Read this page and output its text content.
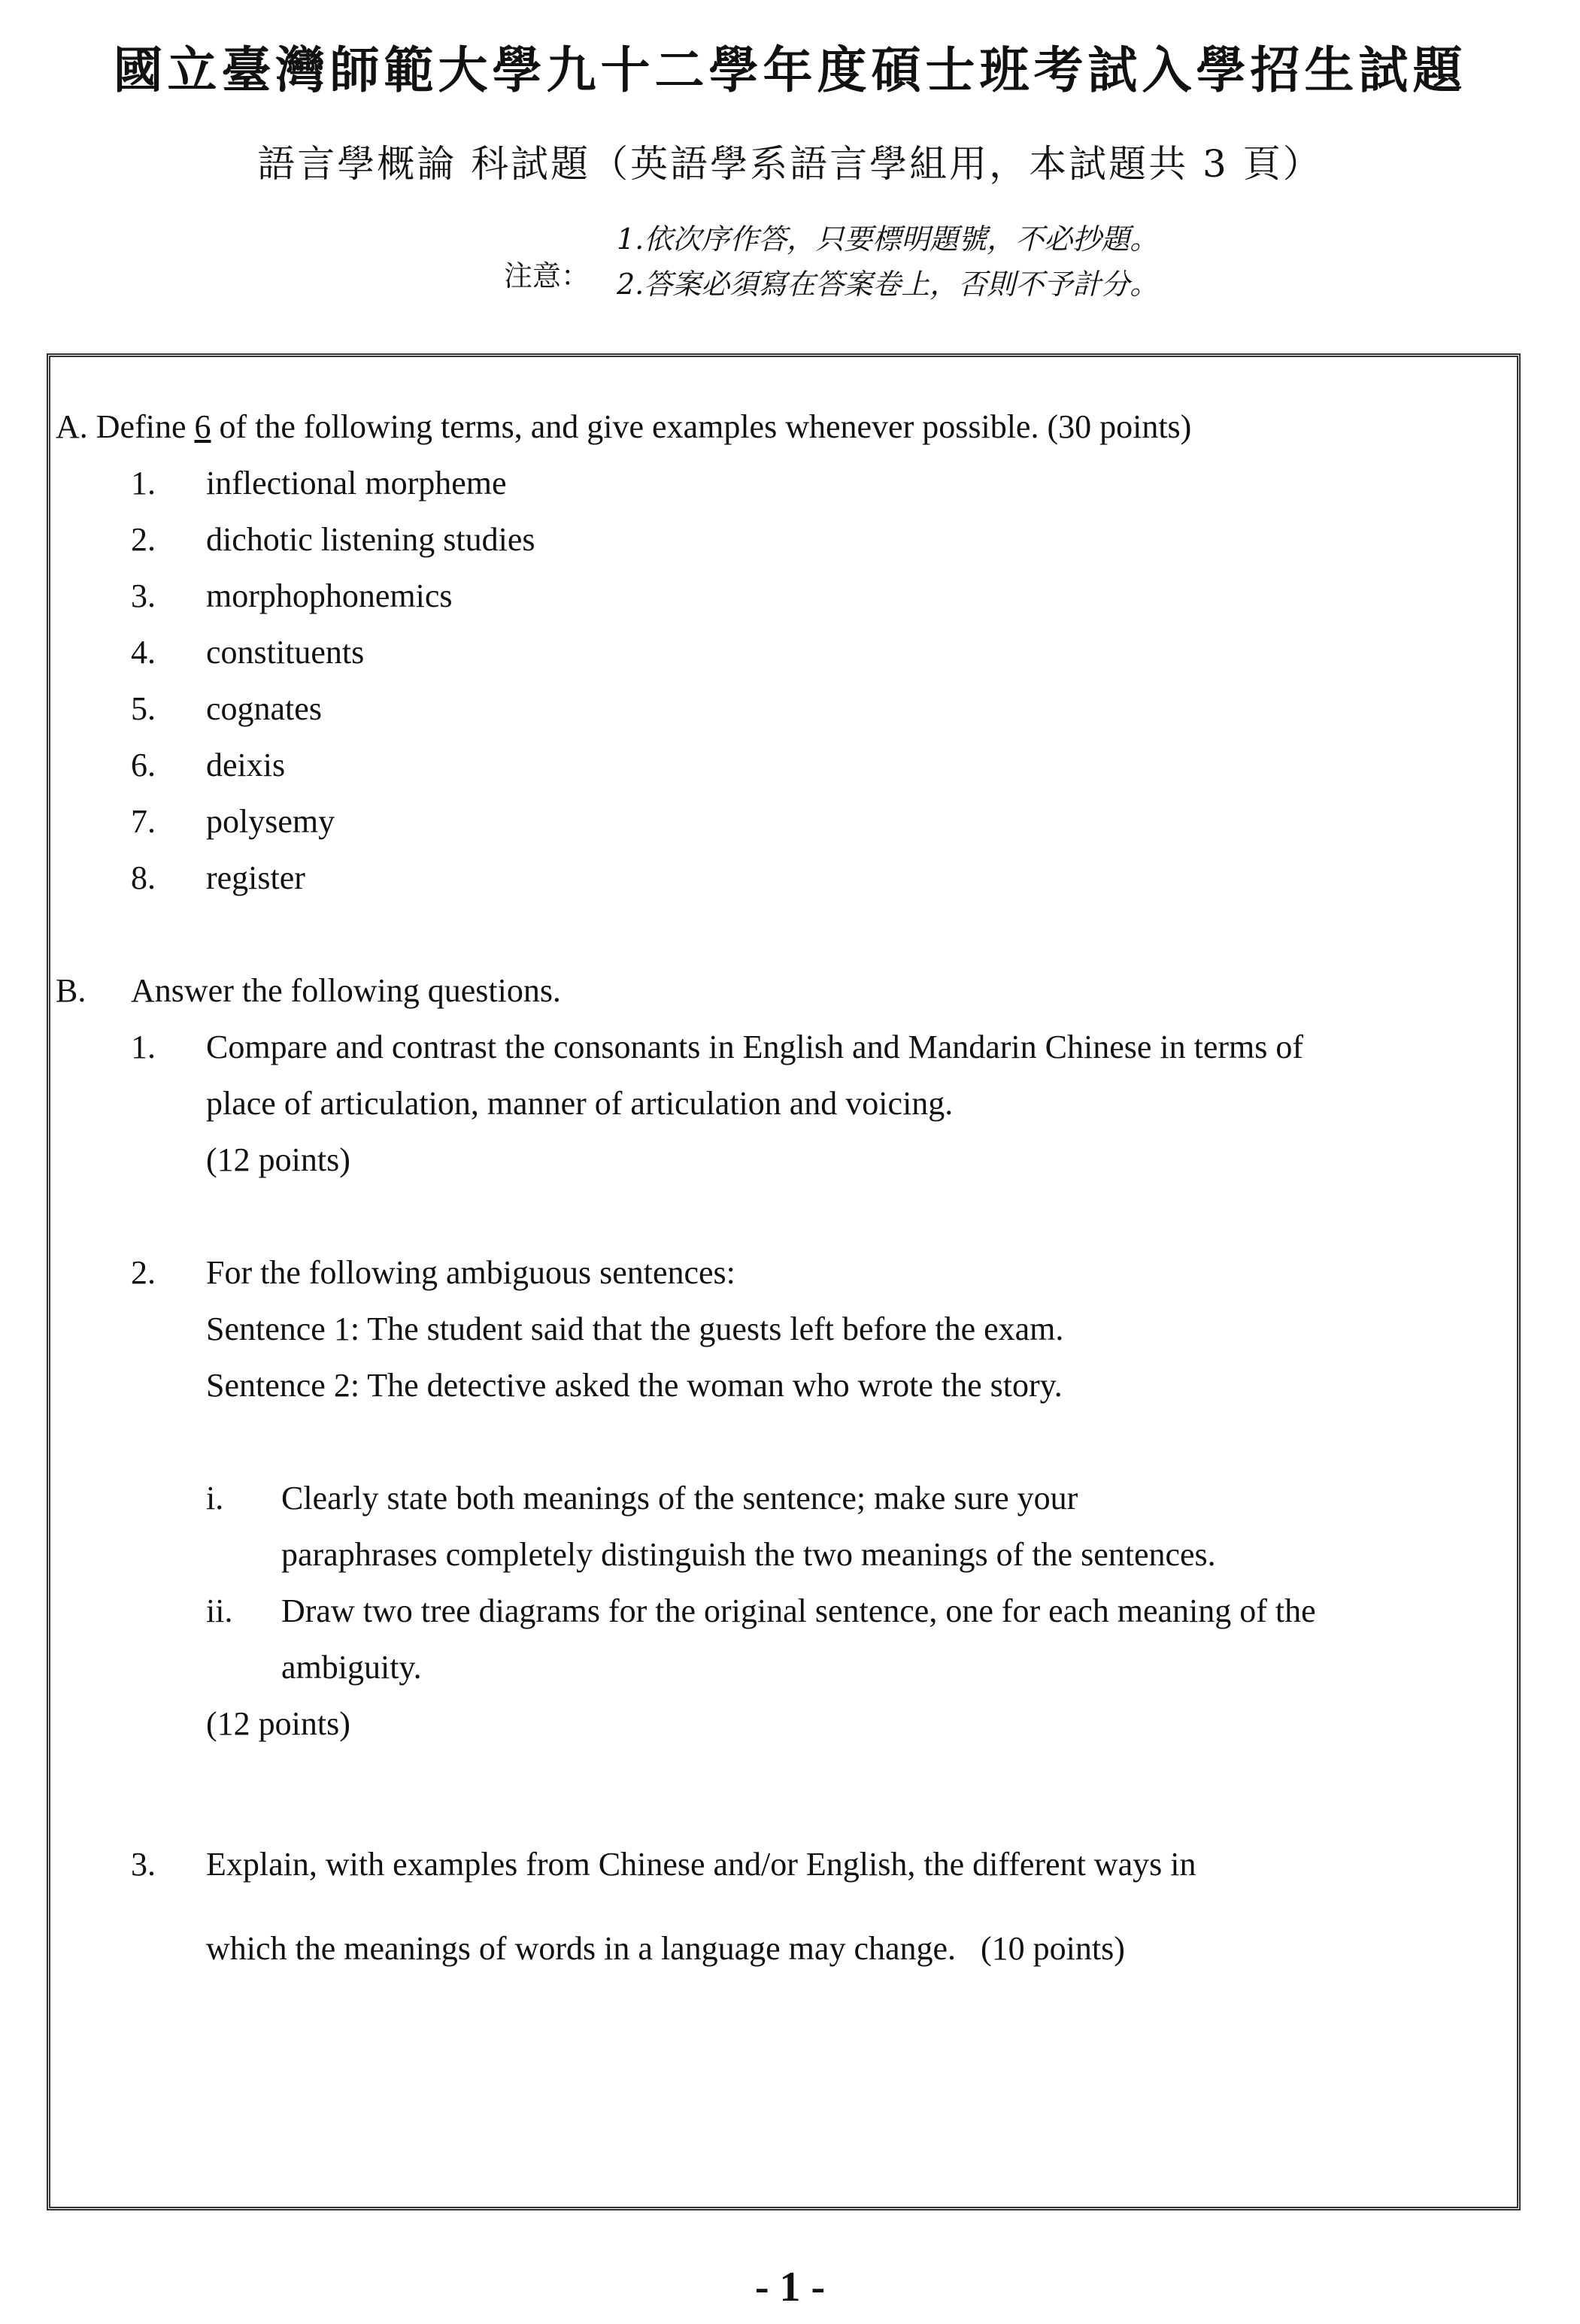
國立臺灣師範大學九十二學年度碩士班考試入學招生試題
語言學概論 科試題（英語學系語言學組用，本試題共 3 頁）
注意：
1.依次序作答，只要標明題號，不必抄題。
2.答案必須寫在答案卷上，否則不予計分。
A. Define 6 of the following terms, and give examples whenever possible. (30 points)
1. inflectional morpheme
2. dichotic listening studies
3. morphophonemics
4. constituents
5. cognates
6. deixis
7. polysemy
8. register
B. Answer the following questions.
1. Compare and contrast the consonants in English and Mandarin Chinese in terms of
place of articulation, manner of articulation and voicing.
(12 points)
2. For the following ambiguous sentences:
Sentence 1: The student said that the guests left before the exam.
Sentence 2: The detective asked the woman who wrote the story.
i. Clearly state both meanings of the sentence; make sure your
paraphrases completely distinguish the two meanings of the sentences.
ii. Draw two tree diagrams for the original sentence, one for each meaning of the
ambiguity.
(12 points)
3. Explain, with examples from Chinese and/or English, the different ways in
which the meanings of words in a language may change.   (10 points)
- 1 -
